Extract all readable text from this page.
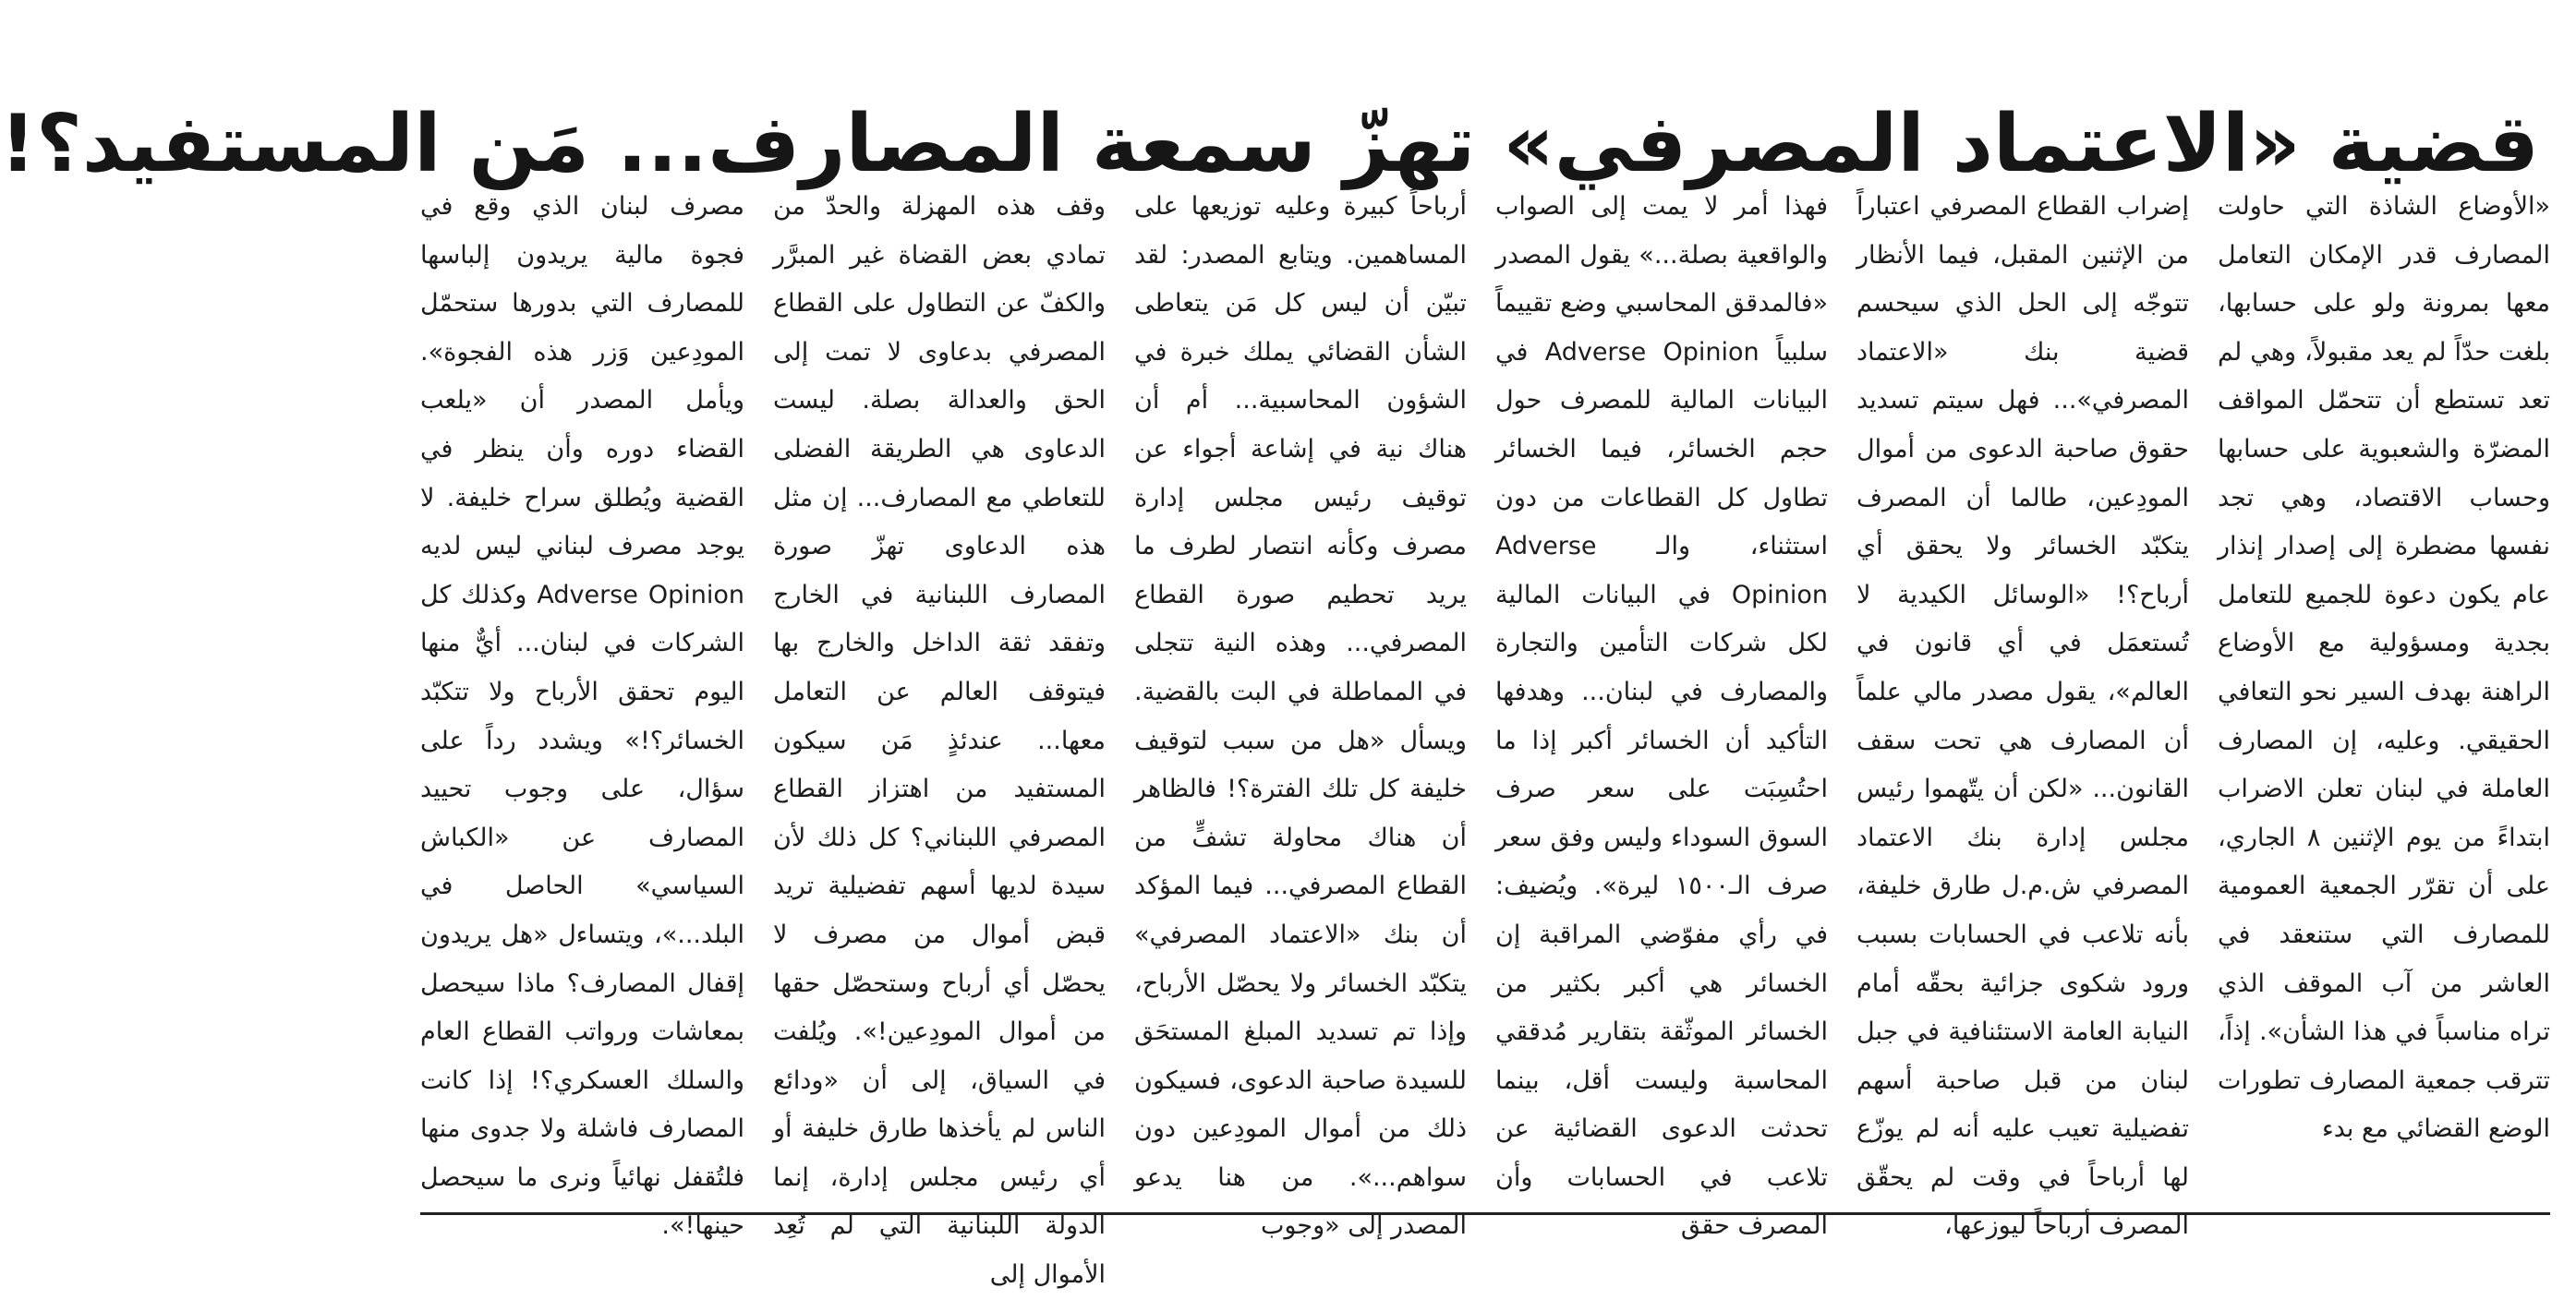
قضية «الاعتماد المصرفي» تهزّ سمعة المصارف... مَن المستفيد؟!

«الأوضاع الشاذة التي حاولت المصارف قدر الإمكان التعامل معها بمرونة ولو على حسابها، بلغت حدّاً لم يعد مقبولاً، وهي لم تعد تستطع أن تتحمّل المواقف المضرّة والشعبوية على حسابها وحساب الاقتصاد، وهي تجد نفسها مضطرة إلى إصدار إنذار عام يكون دعوة للجميع للتعامل بجدية ومسؤولية مع الأوضاع الراهنة بهدف السير نحو التعافي الحقيقي. وعليه، إن المصارف العاملة في لبنان تعلن الاضراب ابتداءً من يوم الإثنين ٨ الجاري، على أن تقرّر الجمعية العمومية للمصارف التي ستنعقد في العاشر من آب الموقف الذي تراه مناسباً في هذا الشأن». إذاً، تترقب جمعية المصارف تطورات الوضع القضائي مع بدء

إضراب القطاع المصرفي اعتباراً من الإثنين المقبل، فيما الأنظار تتوجّه إلى الحل الذي سيحسم قضية بنك «الاعتماد المصرفي»... فهل سيتم تسديد حقوق صاحبة الدعوى من أموال المودِعين، طالما أن المصرف يتكبّد الخسائر ولا يحقق أي أرباح؟! «الوسائل الكيدية لا تُستعمَل في أي قانون في العالم»، يقول مصدر مالي علماً أن المصارف هي تحت سقف القانون... «لكن أن يتّهموا رئيس مجلس إدارة بنك الاعتماد المصرفي ش.م.ل طارق خليفة، بأنه تلاعب في الحسابات بسبب ورود شكوى جزائية بحقّه أمام النيابة العامة الاستئنافية في جبل لبنان من قبل صاحبة أسهم تفضيلية تعيب عليه أنه لم يوزّع لها أرباحاً في وقت لم يحقّق المصرف أرباحاً ليوزعها،

فهذا أمر لا يمت إلى الصواب والواقعية بصلة...» يقول المصدر «فالمدقق المحاسبي وضع تقييماً سلبياً Adverse Opinion في البيانات المالية للمصرف حول حجم الخسائر، فيما الخسائر تطاول كل القطاعات من دون استثناء، والـ Adverse Opinion في البيانات المالية لكل شركات التأمين والتجارة والمصارف في لبنان... وهدفها التأكيد أن الخسائر أكبر إذا ما احتُسِبَت على سعر صرف السوق السوداء وليس وفق سعر صرف الـ١٥٠٠ ليرة». ويُضيف: في رأي مفوّضي المراقبة إن الخسائر هي أكبر بكثير من الخسائر الموثّقة بتقارير مُدققي المحاسبة وليست أقل، بينما تحدثت الدعوى القضائية عن تلاعب في الحسابات وأن المصرف حقق

أرباحاً كبيرة وعليه توزيعها على المساهمين. ويتابع المصدر: لقد تبيّن أن ليس كل مَن يتعاطى الشأن القضائي يملك خبرة في الشؤون المحاسبية... أم أن هناك نية في إشاعة أجواء عن توقيف رئيس مجلس إدارة مصرف وكأنه انتصار لطرف ما يريد تحطيم صورة القطاع المصرفي... وهذه النية تتجلى في المماطلة في البت بالقضية. ويسأل «هل من سبب لتوقيف خليفة كل تلك الفترة؟! فالظاهر أن هناك محاولة تشفٍّ من القطاع المصرفي... فيما المؤكد أن بنك «الاعتماد المصرفي» يتكبّد الخسائر ولا يحصّل الأرباح، وإذا تم تسديد المبلغ المستحَق للسيدة صاحبة الدعوى، فسيكون ذلك من أموال المودِعين دون سواهم...». من هنا يدعو المصدر إلى «وجوب

وقف هذه المهزلة والحدّ من تمادي بعض القضاة غير المبرَّر والكفّ عن التطاول على القطاع المصرفي بدعاوى لا تمت إلى الحق والعدالة بصلة. ليست الدعاوى هي الطريقة الفضلى للتعاطي مع المصارف... إن مثل هذه الدعاوى تهزّ صورة المصارف اللبنانية في الخارج وتفقد ثقة الداخل والخارج بها فيتوقف العالم عن التعامل معها... عندئذٍ مَن سيكون المستفيد من اهتزاز القطاع المصرفي اللبناني؟ كل ذلك لأن سيدة لديها أسهم تفضيلية تريد قبض أموال من مصرف لا يحصّل أي أرباح وستحصّل حقها من أموال المودِعين!». ويُلفت في السياق، إلى أن «ودائع الناس لم يأخذها طارق خليفة أو أي رئيس مجلس إدارة، إنما الدولة اللبنانية التي لم تُعِد الأموال إلى

مصرف لبنان الذي وقع في فجوة مالية يريدون إلباسها للمصارف التي بدورها ستحمّل المودِعين وَزر هذه الفجوة». ويأمل المصدر أن «يلعب القضاء دوره وأن ينظر في القضية ويُطلق سراح خليفة. لا يوجد مصرف لبناني ليس لديه Adverse Opinion وكذلك كل الشركات في لبنان... أيٌّ منها اليوم تحقق الأرباح ولا تتكبّد الخسائر؟!» ويشدد رداً على سؤال، على وجوب تحييد المصارف عن «الكباش السياسي» الحاصل في البلد...»، ويتساءل «هل يريدون إقفال المصارف؟ ماذا سيحصل بمعاشات ورواتب القطاع العام والسلك العسكري؟! إذا كانت المصارف فاشلة ولا جدوى منها فلتُقفل نهائياً ونرى ما سيحصل حينها!».
